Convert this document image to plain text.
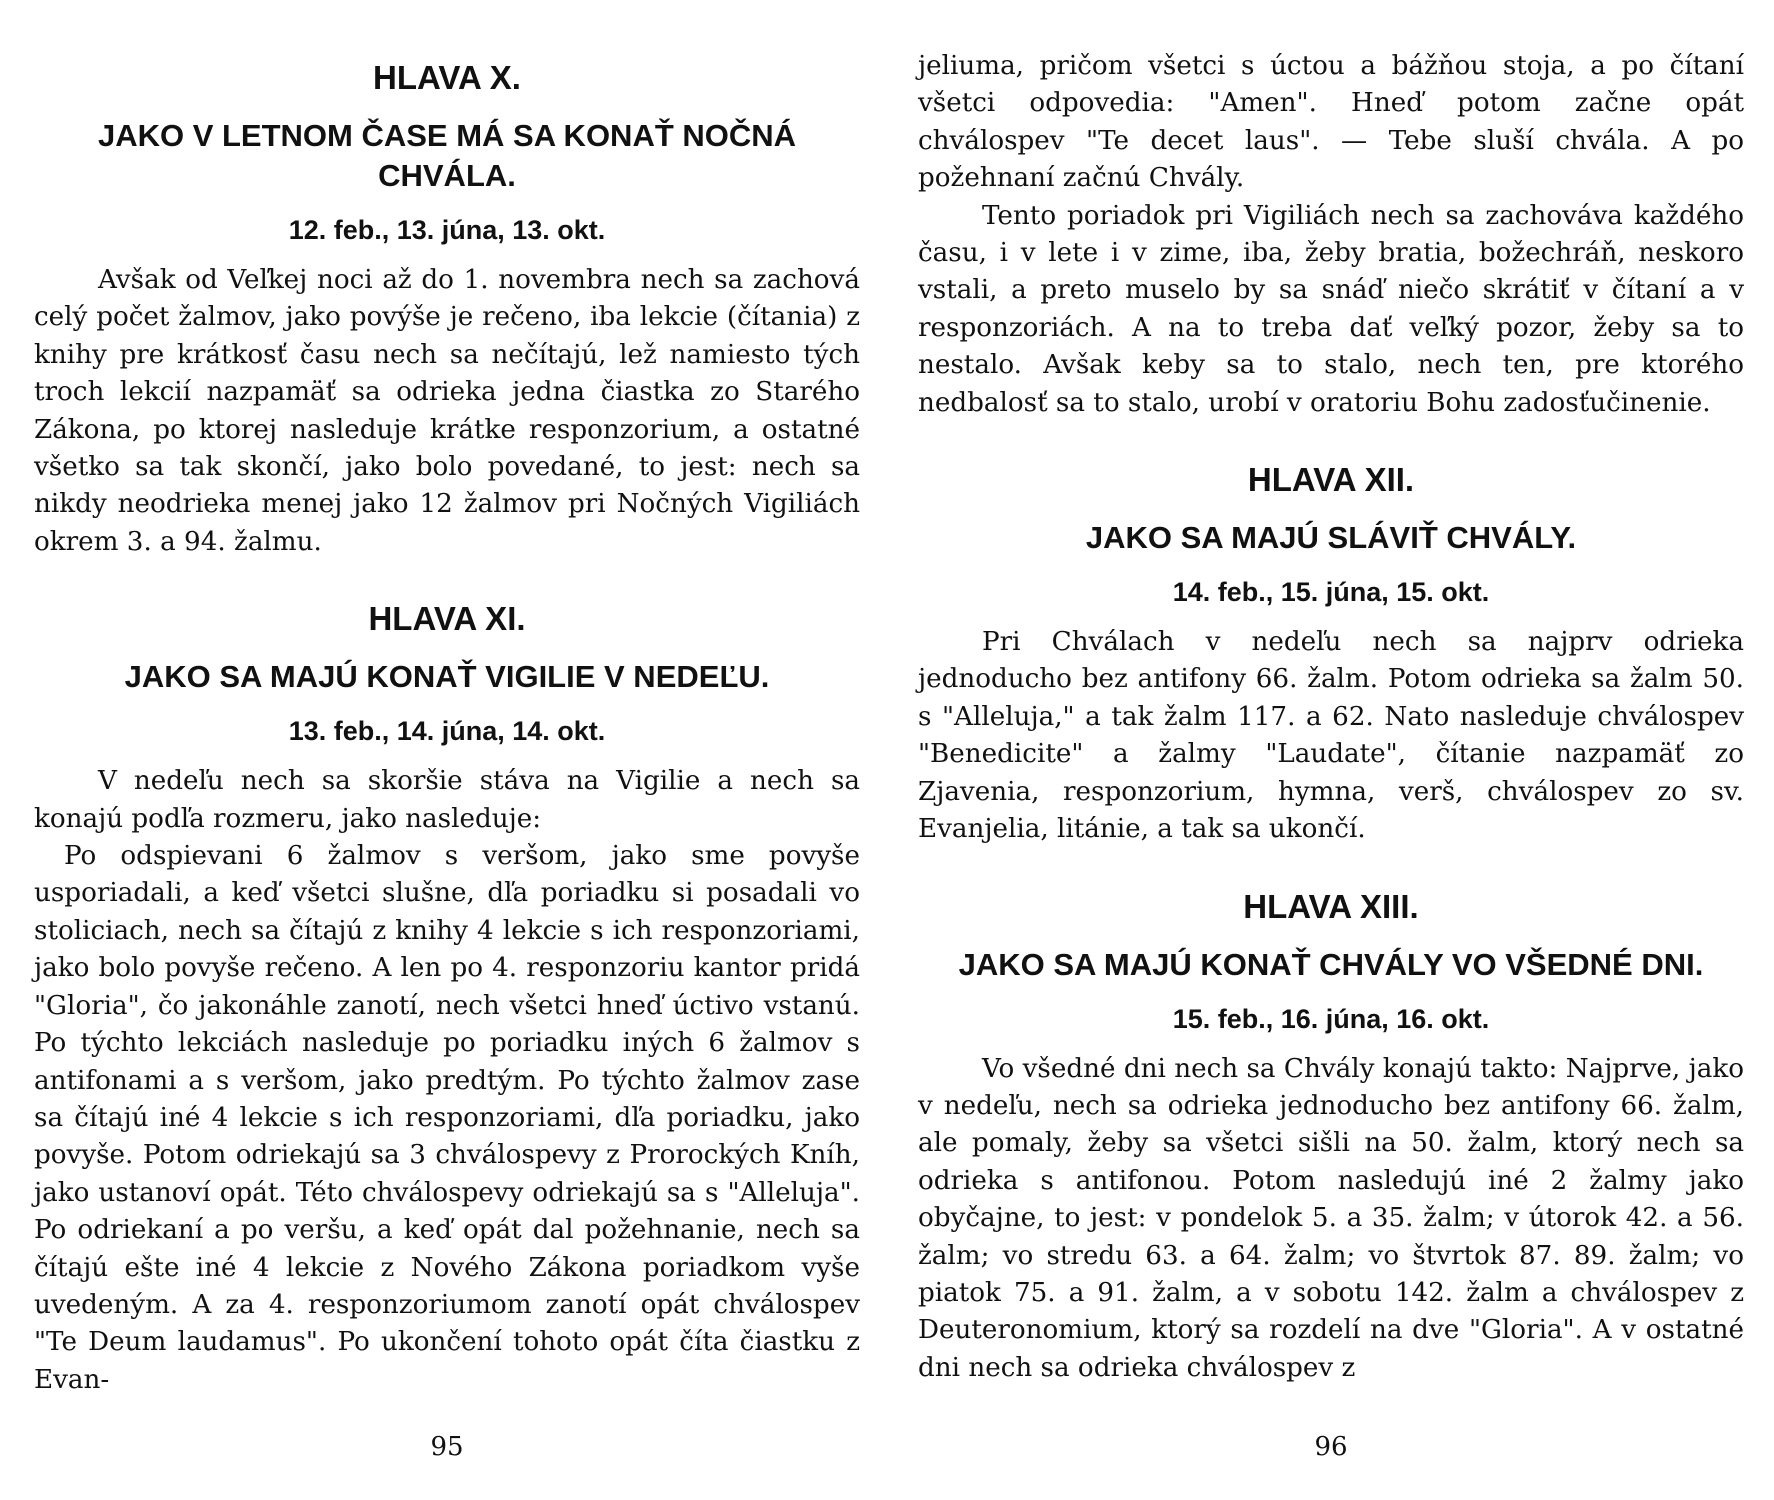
HLAVA X.
JAKO V LETNOM ČASE MÁ SA KONAŤ NOČNÁ CHVÁLA.
12. feb., 13. júna, 13. okt.

Avšak od Veľkej noci až do 1. novembra nech sa zachová celý počet žalmov, jako povýše je rečeno, iba lekcie (čítania) z knihy pre krátkosť času nech sa nečítajú, lež namiesto tých troch lekcií nazpamäť sa odrieka jedna čiastka zo Starého Zákona, po ktorej nasleduje krátke responzorium, a ostatné všetko sa tak skončí, jako bolo povedané, to jest: nech sa nikdy neodrieka menej jako 12 žalmov pri Nočných Vigiliách okrem 3. a 94. žalmu.

HLAVA XI.
JAKO SA MAJÚ KONAŤ VIGILIE V NEDEĽU.
13. feb., 14. júna, 14. okt.

V nedeľu nech sa skoršie stáva na Vigilie a nech sa konajú podľa rozmeru, jako nasleduje:

Po odspievani 6 žalmov s veršom, jako sme povyše usporiadali, a keď všetci slušne, dľa poriadku si posadali vo stoliciach, nech sa čítajú z knihy 4 lekcie s ich responzoriami, jako bolo povyše rečeno. A len po 4. responzoriu kantor pridá "Gloria", čo jakonáhle zanotí, nech všetci hneď úctivo vstanú. Po týchto lekciách nasleduje po poriadku iných 6 žalmov s antifonami a s veršom, jako predtým. Po týchto žalmov zase sa čítajú iné 4 lekcie s ich responzoriami, dľa poriadku, jako povyše. Potom odriekajú sa 3 chválospevy z Prorockých Kníh, jako ustanoví opát. Této chválospevy odriekajú sa s "Alleluja". Po odriekaní a po veršu, a keď opát dal požehnanie, nech sa čítajú ešte iné 4 lekcie z Nového Zákona poriadkom vyše uvedeným. A za 4. responzoriumom zanotí opát chválospev "Te Deum laudamus". Po ukončení tohoto opát číta čiastku z Evan-

95

jeliuma, pričom všetci s úctou a bážňou stoja, a po čítaní všetci odpovedia: "Amen". Hneď potom začne opát chválospev "Te decet laus". — Tebe sluší chvála. A po požehnaní začnú Chvály.

Tento poriadok pri Vigiliách nech sa zachováva každého času, i v lete i v zime, iba, žeby bratia, božechráň, neskoro vstali, a preto muselo by sa snáď niečo skrátiť v čítaní a v responzoriách. A na to treba dať veľký pozor, žeby sa to nestalo. Avšak keby sa to stalo, nech ten, pre ktorého nedbalosť sa to stalo, urobí v oratoriu Bohu zadosťučinenie.

HLAVA XII.
JAKO SA MAJÚ SLÁVIŤ CHVÁLY.
14. feb., 15. júna, 15. okt.

Pri Chválach v nedeľu nech sa najprv odrieka jednoducho bez antifony 66. žalm. Potom odrieka sa žalm 50. s "Alleluja," a tak žalm 117. a 62. Nato nasleduje chválospev "Benedicite" a žalmy "Laudate", čítanie nazpamäť zo Zjavenia, responzorium, hymna, verš, chválospev zo sv. Evanjelia, litánie, a tak sa ukončí.

HLAVA XIII.
JAKO SA MAJÚ KONAŤ CHVÁLY VO VŠEDNÉ DNI.
15. feb., 16. júna, 16. okt.

Vo všedné dni nech sa Chvály konajú takto: Najprve, jako v nedeľu, nech sa odrieka jednoducho bez antifony 66. žalm, ale pomaly, žeby sa všetci sišli na 50. žalm, ktorý nech sa odrieka s antifonou. Potom nasledujú iné 2 žalmy jako obyčajne, to jest: v pondelok 5. a 35. žalm; v útorok 42. a 56. žalm; vo stredu 63. a 64. žalm; vo štvrtok 87. 89. žalm; vo piatok 75. a 91. žalm, a v sobotu 142. žalm a chválospev z Deuteronomium, ktorý sa rozdelí na dve "Gloria". A v ostatné dni nech sa odrieka chválospev z

96
